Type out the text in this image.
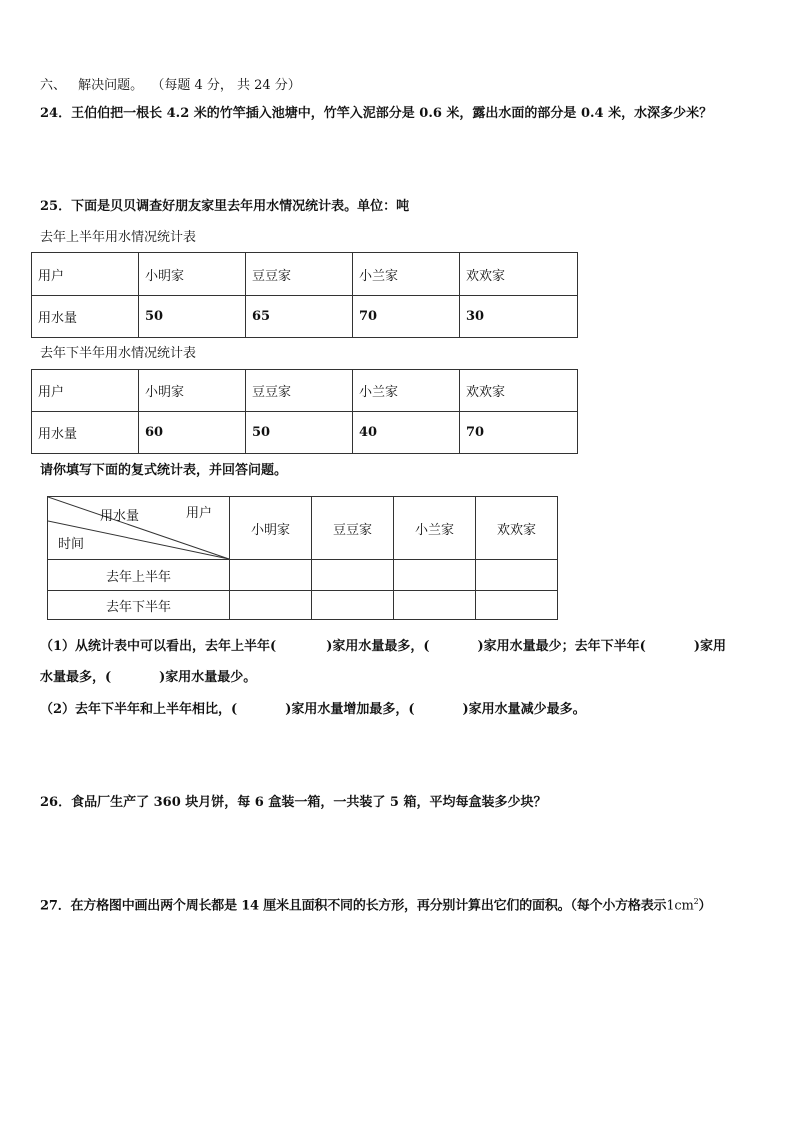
六、 解决问题。 （每题 4 分， 共 24 分）
24．王伯伯把一根长 4.2 米的竹竿插入池塘中，竹竿入泥部分是 0.6 米，露出水面的部分是 0.4 米，水深多少米？
25．下面是贝贝调查好朋友家里去年用水情况统计表。单位：吨
去年上半年用水情况统计表
用户	小明家	豆豆家	小兰家	欢欢家
用水量	50	65	70	30
去年下半年用水情况统计表
用户	小明家	豆豆家	小兰家	欢欢家
用水量	60	50	40	70
请你填写下面的复式统计表，并回答问题。
用户
用水量
时间	小明家	豆豆家	小兰家	欢欢家
去年上半年				
去年下半年				
（1）从统计表中可以看出，去年上半年(	)家用水量最多，(	)家用水量最少；去年下半年(	)家用
水量最多，(	)家用水量最少。
（2）去年下半年和上半年相比，(	)家用水量增加最多，(	)家用水量减少最多。
26．食品厂生产了 360 块月饼，每 6 盒装一箱，一共装了 5 箱，平均每盒装多少块？
27．在方格图中画出两个周长都是 14 厘米且面积不同的长方形，再分别计算出它们的面积。（每个小方格表示$1cm^2$）
